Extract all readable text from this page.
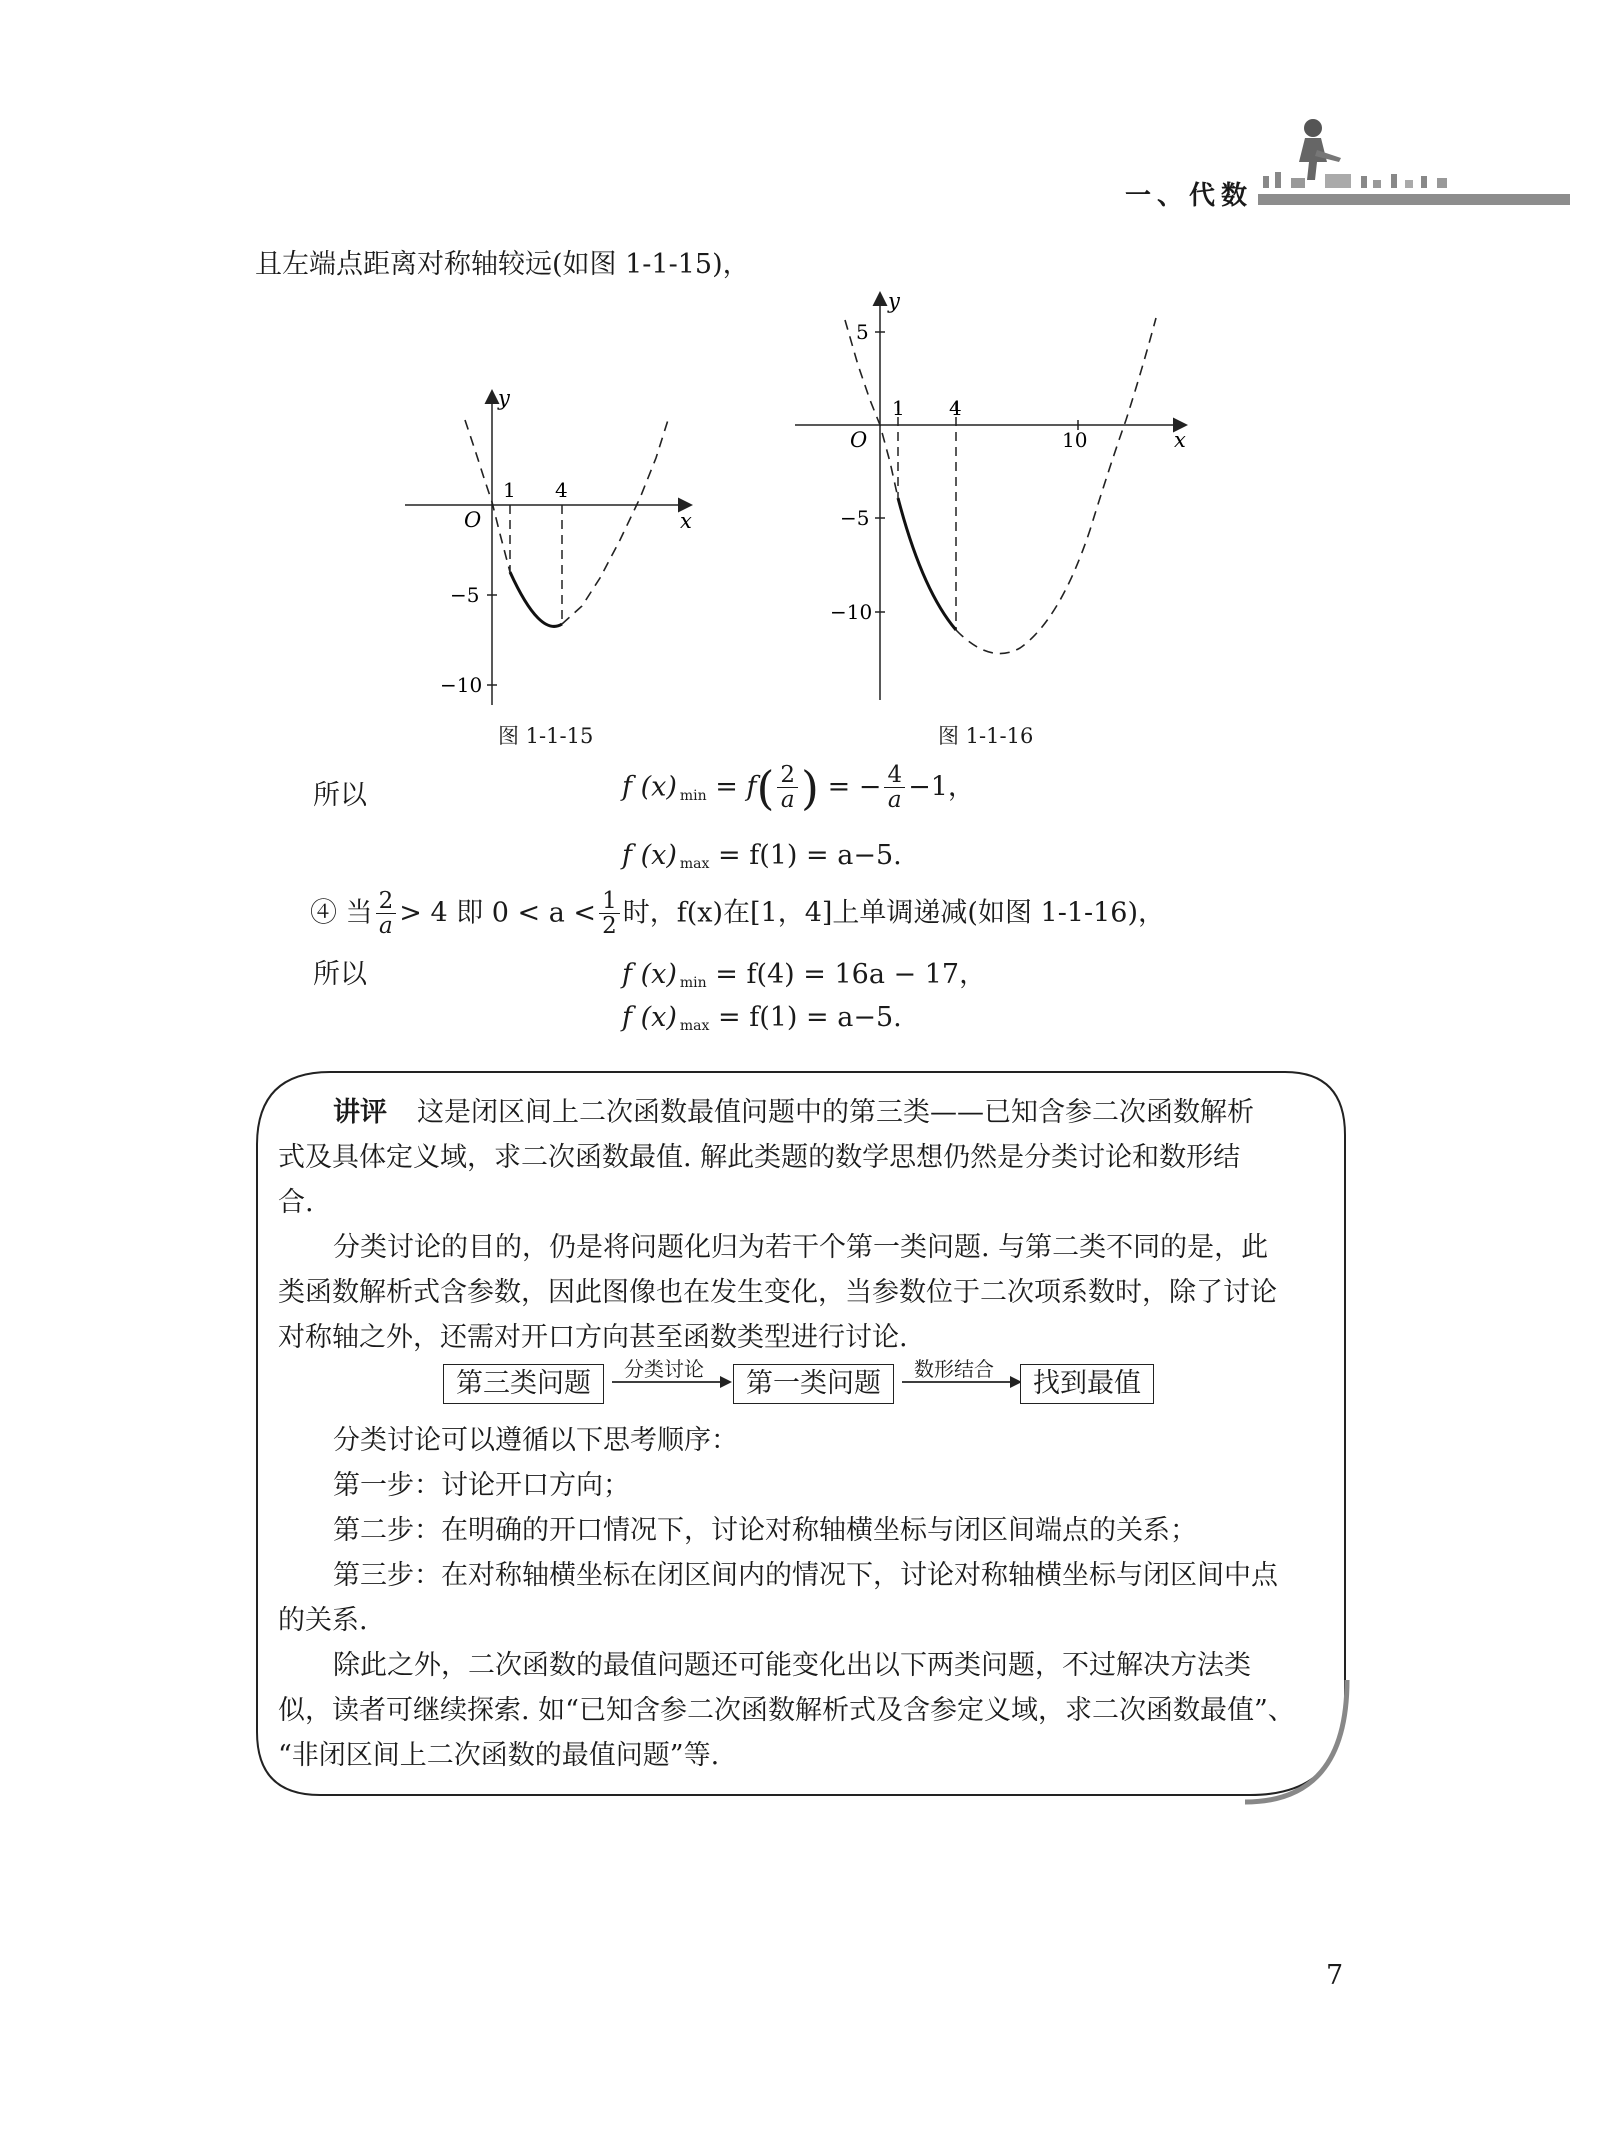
一、代数
且左端点距离对称轴较远(如图 1-1-15)，
y
x
O
1 4
−5
−10
图 1-1-15
y
x
O
1 4
10
5
−5
−10
图 1-1-16
所以	f (x) $_{min} = f( \frac{2}{a}$ ) = − $\frac{4}{a} -1$，
f (x) $_{max}$ = f(1) = a−5.
④ 当 $\frac{2}{a} > 4$ 即 $0 < a < \frac{1}{2}$ 时，f(x)在[1，4]上单调递减(如图 1-1-16)，
所以	f (x) $_{min}$ = f(4) = 16a − 17，
f (x) $_{max}$ = f(1) = a−5.
讲评 这是闭区间上二次函数最值问题中的第三类——已知含参二次函数解析
式及具体定义域，求二次函数最值. 解此类题的数学思想仍然是分类讨论和数形结
合.
分类讨论的目的，仍是将问题化归为若干个第一类问题. 与第二类不同的是，此
类函数解析式含参数，因此图像也在发生变化，当参数位于二次项系数时，除了讨论
对称轴之外，还需对开口方向甚至函数类型进行讨论.
第三类问题	分类讨论	第一类问题	数形结合	找到最值
分类讨论可以遵循以下思考顺序：
第一步：讨论开口方向；
第二步：在明确的开口情况下，讨论对称轴横坐标与闭区间端点的关系；
第三步：在对称轴横坐标在闭区间内的情况下，讨论对称轴横坐标与闭区间中点
的关系.
除此之外，二次函数的最值问题还可能变化出以下两类问题，不过解决方法类
似，读者可继续探索. 如“已知含参二次函数解析式及含参定义域，求二次函数最值”、
“非闭区间上二次函数的最值问题”等.
7
